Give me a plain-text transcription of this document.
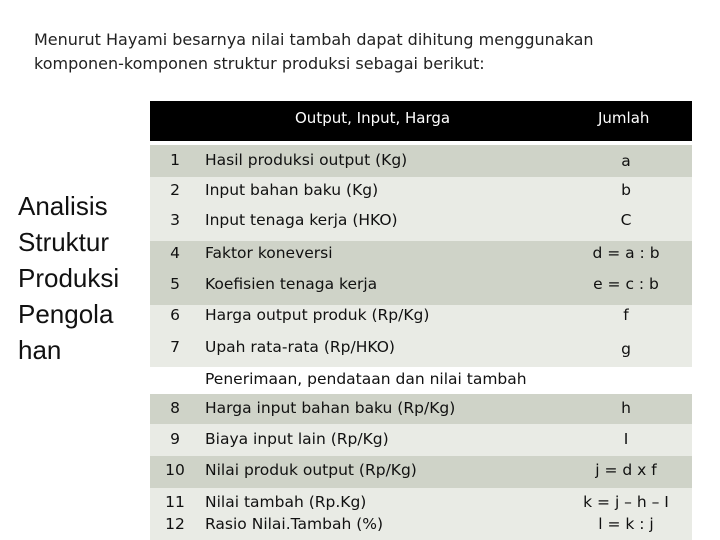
Menurut Hayami besarnya nilai tambah dapat dihitung menggunakan komponen-komponen struktur produksi sebagai berikut:
Analisis
Struktur
Produksi
Pengola
han
Output, Input, Harga	Jumlah
1	Hasil produksi output (Kg)	a
2	Input bahan baku (Kg)	b
3	Input tenaga kerja (HKO)	C
4	Faktor koneversi	d = a : b
5	Koefisien tenaga kerja	e = c : b
6	Harga output produk (Rp/Kg)	f
7	Upah rata-rata (Rp/HKO)	g
Penerimaan, pendataan dan nilai tambah
8	Harga input bahan baku (Rp/Kg)	h
9	Biaya input lain (Rp/Kg)	I
10	Nilai produk output (Rp/Kg)	j = d x f
11	Nilai tambah (Rp.Kg)	k = j – h – I
12	Rasio Nilai.Tambah (%)	l = k : j
